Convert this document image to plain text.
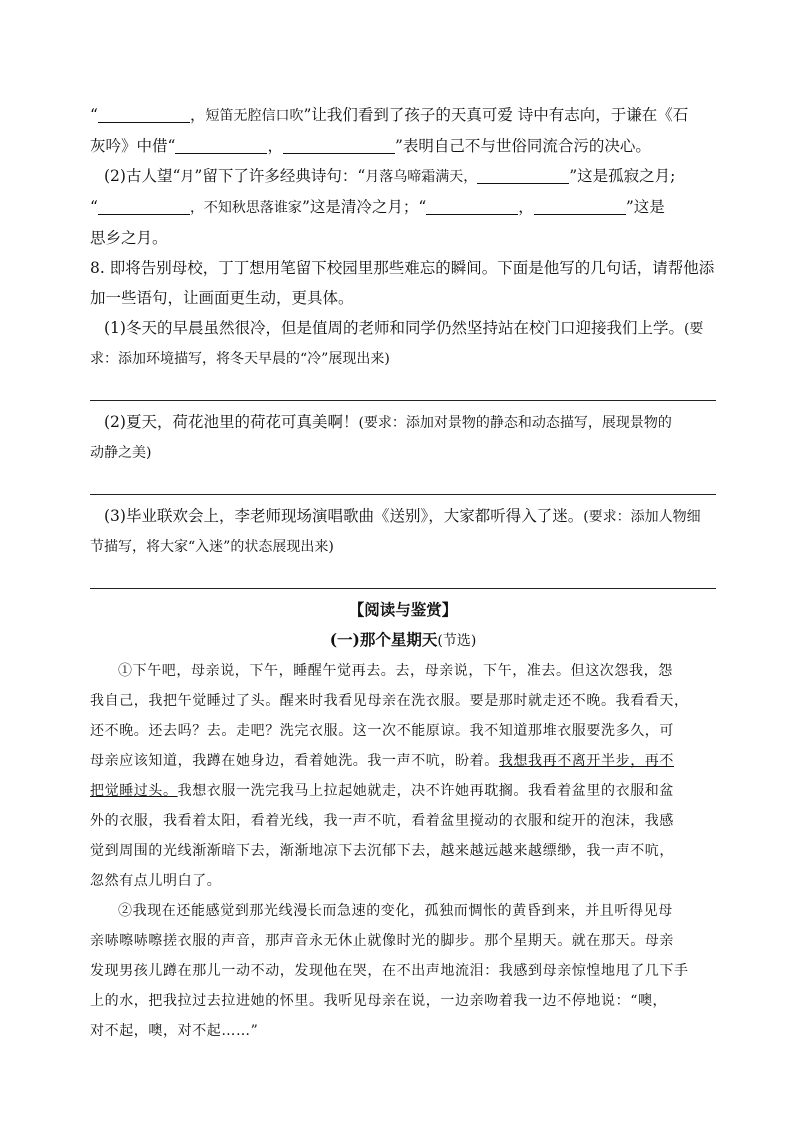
“	，短笛无腔信口吹”让我们看到了孩子的天真可爱 诗中有志向，于谦在《石
灰吟》中借“	，	”表明自己不与世俗同流合污的决心。
(2)古人望“月”留下了许多经典诗句：“月落乌啼霜满天，	”这是孤寂之月;
“	，不知秋思落谁家”这是清冷之月；“	，	”这是
思乡之月。
8. 即将告别母校，丁丁想用笔留下校园里那些难忘的瞬间。下面是他写的几句话，请帮他添
加一些语句，让画面更生动，更具体。
(1)冬天的早晨虽然很冷，但是值周的老师和同学仍然坚持站在校门口迎接我们上学。(要
求：添加环境描写，将冬天早晨的“冷”展现出来)
(2)夏天，荷花池里的荷花可真美啊！(要求：添加对景物的静态和动态描写，展现景物的
动静之美)
(3)毕业联欢会上，李老师现场演唱歌曲《送别》，大家都听得入了迷。(要求：添加人物细
节描写，将大家“入迷”的状态展现出来)
【阅读与鉴赏】
(一)那个星期天(节选)
①下午吧，母亲说，下午，睡醒午觉再去。去，母亲说，下午，准去。但这次怨我，怨
我自己，我把午觉睡过了头。醒来时我看见母亲在洗衣服。要是那时就走还不晚。我看看天，
还不晚。还去吗？去。走吧？洗完衣服。这一次不能原谅。我不知道那堆衣服要洗多久，可
母亲应该知道，我蹲在她身边，看着她洗。我一声不吭，盼着。我想我再不离开半步，再不
把觉睡过头。我想衣服一洗完我马上拉起她就走，决不许她再耽搁。我看着盆里的衣服和盆
外的衣服，我看着太阳，看着光线，我一声不吭，看着盆里搅动的衣服和绽开的泡沫，我感
觉到周围的光线渐渐暗下去，渐渐地凉下去沉郁下去，越来越远越来越缥缈，我一声不吭，
忽然有点儿明白了。
②我现在还能感觉到那光线漫长而急速的变化，孤独而惆怅的黄昏到来，并且听得见母
亲哧嚓哧嚓搓衣服的声音，那声音永无休止就像时光的脚步。那个星期天。就在那天。母亲
发现男孩儿蹲在那儿一动不动，发现他在哭，在不出声地流泪：我感到母亲惊惶地甩了几下手
上的水，把我拉过去拉进她的怀里。我听见母亲在说，一边亲吻着我一边不停地说：“噢，
对不起，噢，对不起……”
